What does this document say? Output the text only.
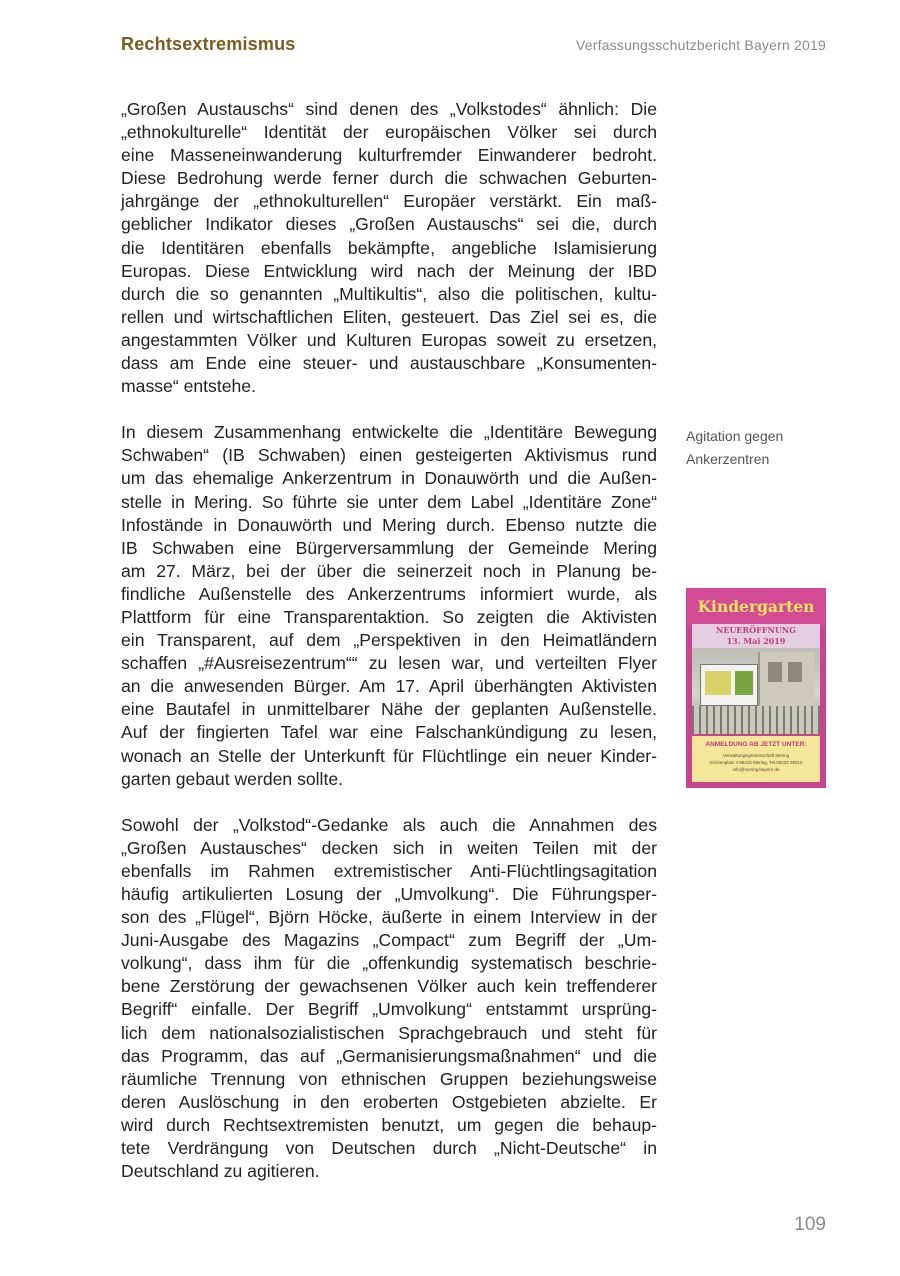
Rechtsextremismus	Verfassungsschutzbericht Bayern 2019

„Großen Austauschs“ sind denen des „Volkstodes“ ähnlich: Die
„ethnokulturelle“ Identität der europäischen Völker sei durch
eine Masseneinwanderung kulturfremder Einwanderer bedroht.
Diese Bedrohung werde ferner durch die schwachen Geburten-
jahrgänge der „ethnokulturellen“ Europäer verstärkt. Ein maß-
geblicher Indikator dieses „Großen Austauschs“ sei die, durch
die Identitären ebenfalls bekämpfte, angebliche Islamisierung
Europas. Diese Entwicklung wird nach der Meinung der IBD
durch die so genannten „Multikultis“, also die politischen, kultu-
rellen und wirtschaftlichen Eliten, gesteuert. Das Ziel sei es, die
angestammten Völker und Kulturen Europas soweit zu ersetzen,
dass am Ende eine steuer- und austauschbare „Konsumenten-
masse“ entstehe.

In diesem Zusammenhang entwickelte die „Identitäre Bewegung
Schwaben“ (IB Schwaben) einen gesteigerten Aktivismus rund
um das ehemalige Ankerzentrum in Donauwörth und die Außen-
stelle in Mering. So führte sie unter dem Label „Identitäre Zone“
Infostände in Donauwörth und Mering durch. Ebenso nutzte die
IB Schwaben eine Bürgerversammlung der Gemeinde Mering
am 27. März, bei der über die seinerzeit noch in Planung be-
findliche Außenstelle des Ankerzentrums informiert wurde, als
Plattform für eine Transparentaktion. So zeigten die Aktivisten
ein Transparent, auf dem „Perspektiven in den Heimatländern
schaffen „#Ausreisezentrum““ zu lesen war, und verteilten Flyer
an die anwesenden Bürger. Am 17. April überhängten Aktivisten
eine Bautafel in unmittelbarer Nähe der geplanten Außenstelle.
Auf der fingierten Tafel war eine Falschankündigung zu lesen,
wonach an Stelle der Unterkunft für Flüchtlinge ein neuer Kinder-
garten gebaut werden sollte.

Sowohl der „Volkstod“-Gedanke als auch die Annahmen des
„Großen Austausches“ decken sich in weiten Teilen mit der
ebenfalls im Rahmen extremistischer Anti-Flüchtlingsagitation
häufig artikulierten Losung der „Umvolkung“. Die Führungsper-
son des „Flügel“, Björn Höcke, äußerte in einem Interview in der
Juni-Ausgabe des Magazins „Compact“ zum Begriff der „Um-
volkung“, dass ihm für die „offenkundig systematisch beschrie-
bene Zerstörung der gewachsenen Völker auch kein treffenderer
Begriff“ einfalle. Der Begriff „Umvolkung“ entstammt ursprüng-
lich dem nationalsozialistischen Sprachgebrauch und steht für
das Programm, das auf „Germanisierungsmaßnahmen“ und die
räumliche Trennung von ethnischen Gruppen beziehungsweise
deren Auslöschung in den eroberten Ostgebieten abzielte. Er
wird durch Rechtsextremisten benutzt, um gegen die behaup-
tete Verdrängung von Deutschen durch „Nicht-Deutsche“ in
Deutschland zu agitieren.

Agitation gegen
Ankerzentren
Kindergarten
NEUERÖFFNUNG
13. Mai 2019
ANMELDUNG AB JETZT UNTER:
Verwaltungsgemeinschaft Mering
Kirchenplatz 4 86415 Mering, Tel.08233 38015
info@mering.bayern.de
109
